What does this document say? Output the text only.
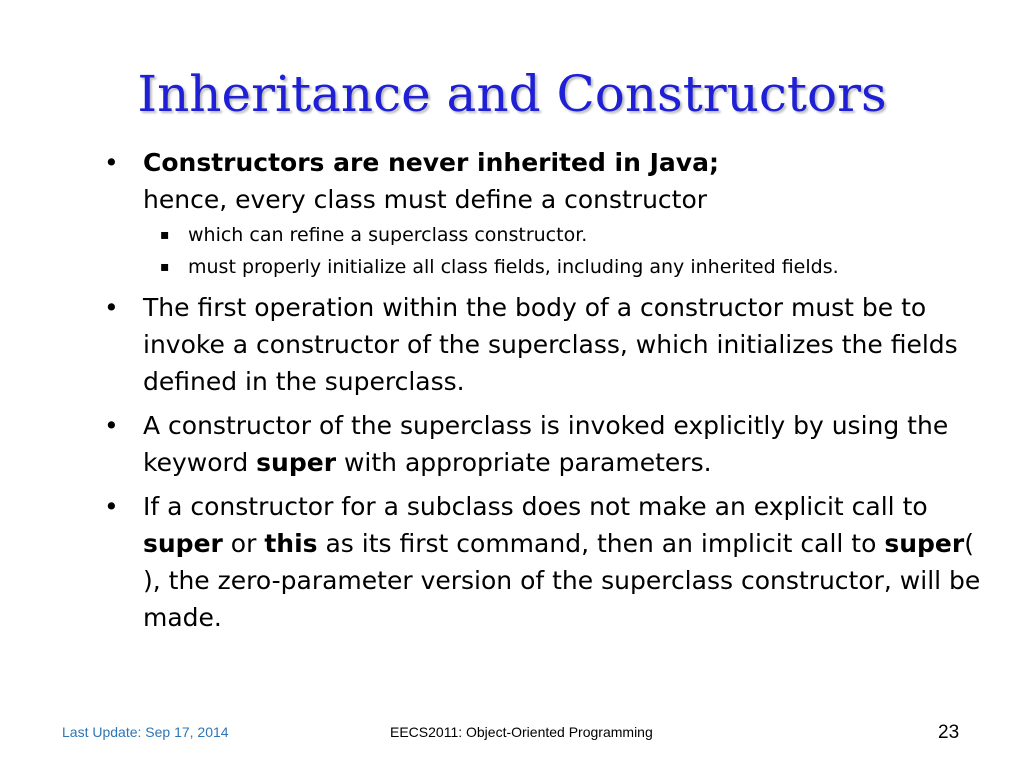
Inheritance and Constructors
• Constructors are never inherited in Java;
hence, every class must define a constructor
▪ which can refine a superclass constructor.
▪ must properly initialize all class fields, including any inherited fields.
• The first operation within the body of a constructor must be to invoke a constructor of the superclass, which initializes the fields defined in the superclass.
• A constructor of the superclass is invoked explicitly by using the keyword super with appropriate parameters.
• If a constructor for a subclass does not make an explicit call to super or this as its first command, then an implicit call to super( ), the zero-parameter version of the superclass constructor, will be made.
Last Update: Sep 17, 2014	EECS2011: Object-Oriented Programming	23
